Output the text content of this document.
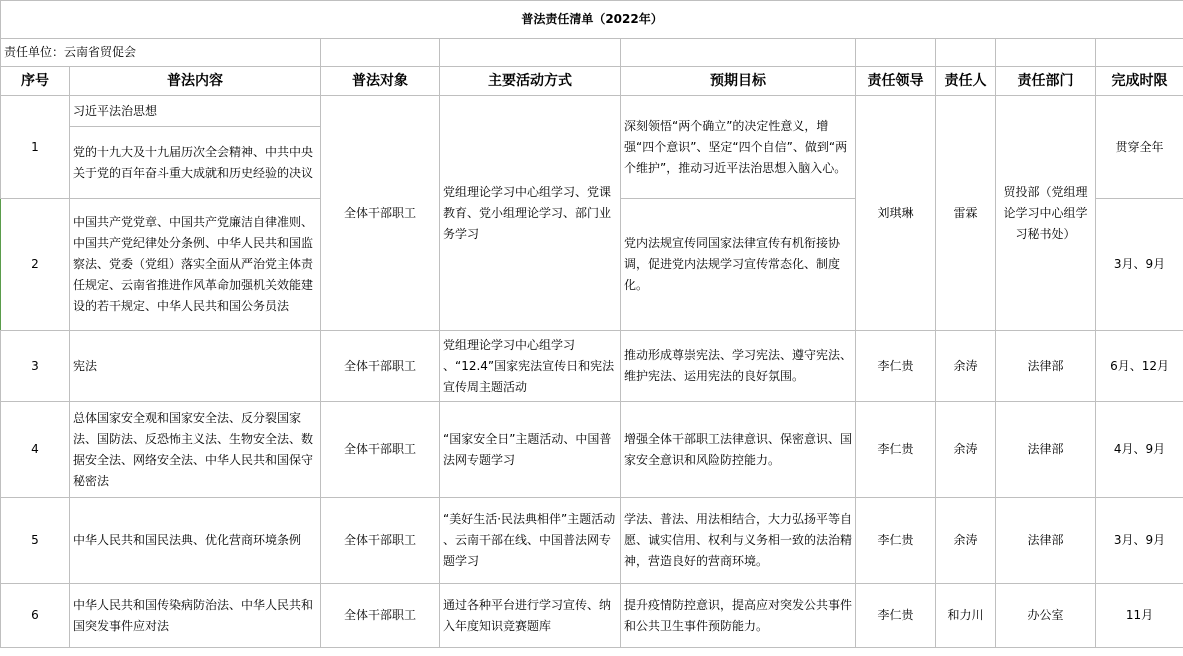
普法责任清单（2022年）								
责任单位：云南省贸促会								
序号	普法内容	普法对象	主要活动方式	预期目标	责任领导	责任人	责任部门	完成时限
1	习近平法治思想	全体干部职工	党组理论学习中心组学习、党课教育、党小组理论学习、部门业务学习	深刻领悟“两个确立”的决定性意义，增强“四个意识”、坚定“四个自信”、做到“两个维护”，推动习近平法治思想入脑入心。	刘琪琳	雷霖	贸投部（党组理论学习中心组学习秘书处）	贯穿全年
	党的十九大及十九届历次全会精神、中共中央关于党的百年奋斗重大成就和历史经验的决议							
2	中国共产党党章、中国共产党廉洁自律准则、中国共产党纪律处分条例、中华人民共和国监察法、党委（党组）落实全面从严治党主体责任规定、云南省推进作风革命加强机关效能建设的若干规定、中华人民共和国公务员法			党内法规宣传同国家法律宣传有机衔接协调，促进党内法规学习宣传常态化、制度化。				3月、9月
3	宪法	全体干部职工	党组理论学习中心组学习 、“12.4”国家宪法宣传日和宪法宣传周主题活动	推动形成尊崇宪法、学习宪法、遵守宪法、维护宪法、运用宪法的良好氛围。	李仁贵	余涛	法律部	6月、12月
4	总体国家安全观和国家安全法、反分裂国家法、国防法、反恐怖主义法、生物安全法、数据安全法、网络安全法、中华人民共和国保守秘密法	全体干部职工	“国家安全日”主题活动、中国普法网专题学习	增强全体干部职工法律意识、保密意识、国家安全意识和风险防控能力。	李仁贵	余涛	法律部	4月、9月
5	中华人民共和国民法典、优化营商环境条例	全体干部职工	“美好生活·民法典相伴”主题活动 、云南干部在线、中国普法网专题学习	学法、普法、用法相结合，大力弘扬平等自愿、诚实信用、权利与义务相一致的法治精神，营造良好的营商环境。	李仁贵	余涛	法律部	3月、9月
6	中华人民共和国传染病防治法、中华人民共和国突发事件应对法	全体干部职工	通过各种平台进行学习宣传、纳入年度知识竞赛题库	提升疫情防控意识，提高应对突发公共事件和公共卫生事件预防能力。	李仁贵	和力川	办公室	11月
